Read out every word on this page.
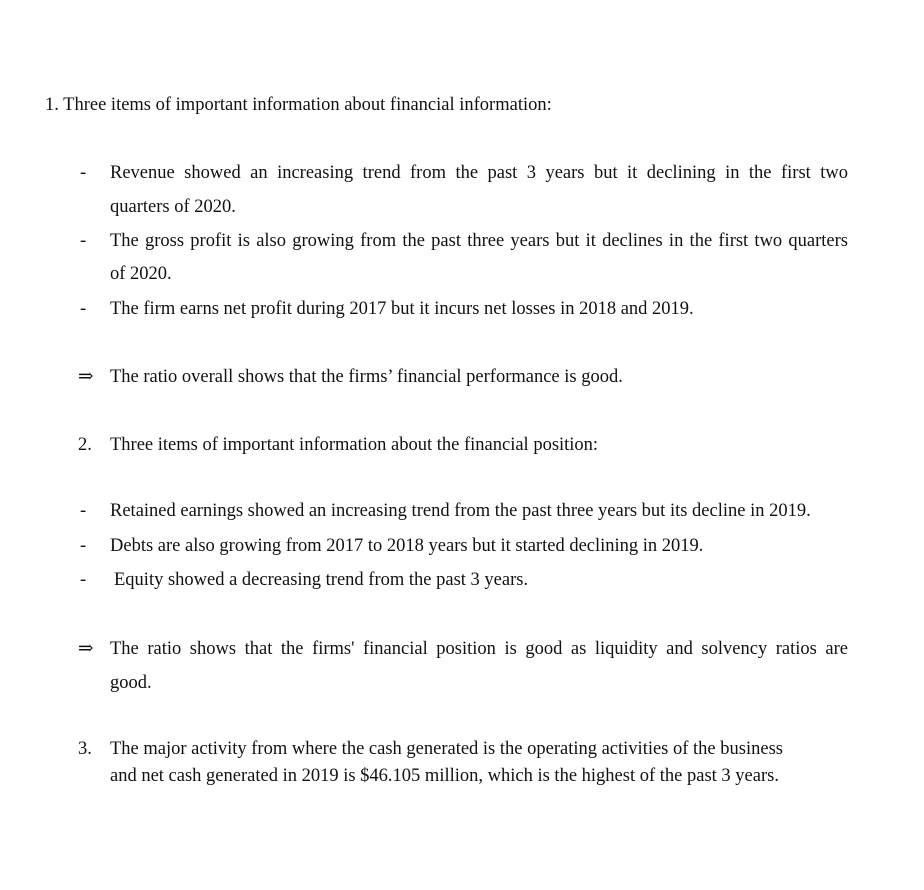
1. Three items of important information about financial information:
- Revenue showed an increasing trend from the past 3 years but it declining in the first two
quarters of 2020.
- The gross profit is also growing from the past three years but it declines in the first two quarters
of 2020.
- The firm earns net profit during 2017 but it incurs net losses in 2018 and 2019.
⇒ The ratio overall shows that the firms’ financial performance is good.
2. Three items of important information about the financial position:
- Retained earnings showed an increasing trend from the past three years but its decline in 2019.
- Debts are also growing from 2017 to 2018 years but it started declining in 2019.
- Equity showed a decreasing trend from the past 3 years.
⇒ The ratio shows that the firms' financial position is good as liquidity and solvency ratios are
good.
3. The major activity from where the cash generated is the operating activities of the business
and net cash generated in 2019 is $46.105 million, which is the highest of the past 3 years.
